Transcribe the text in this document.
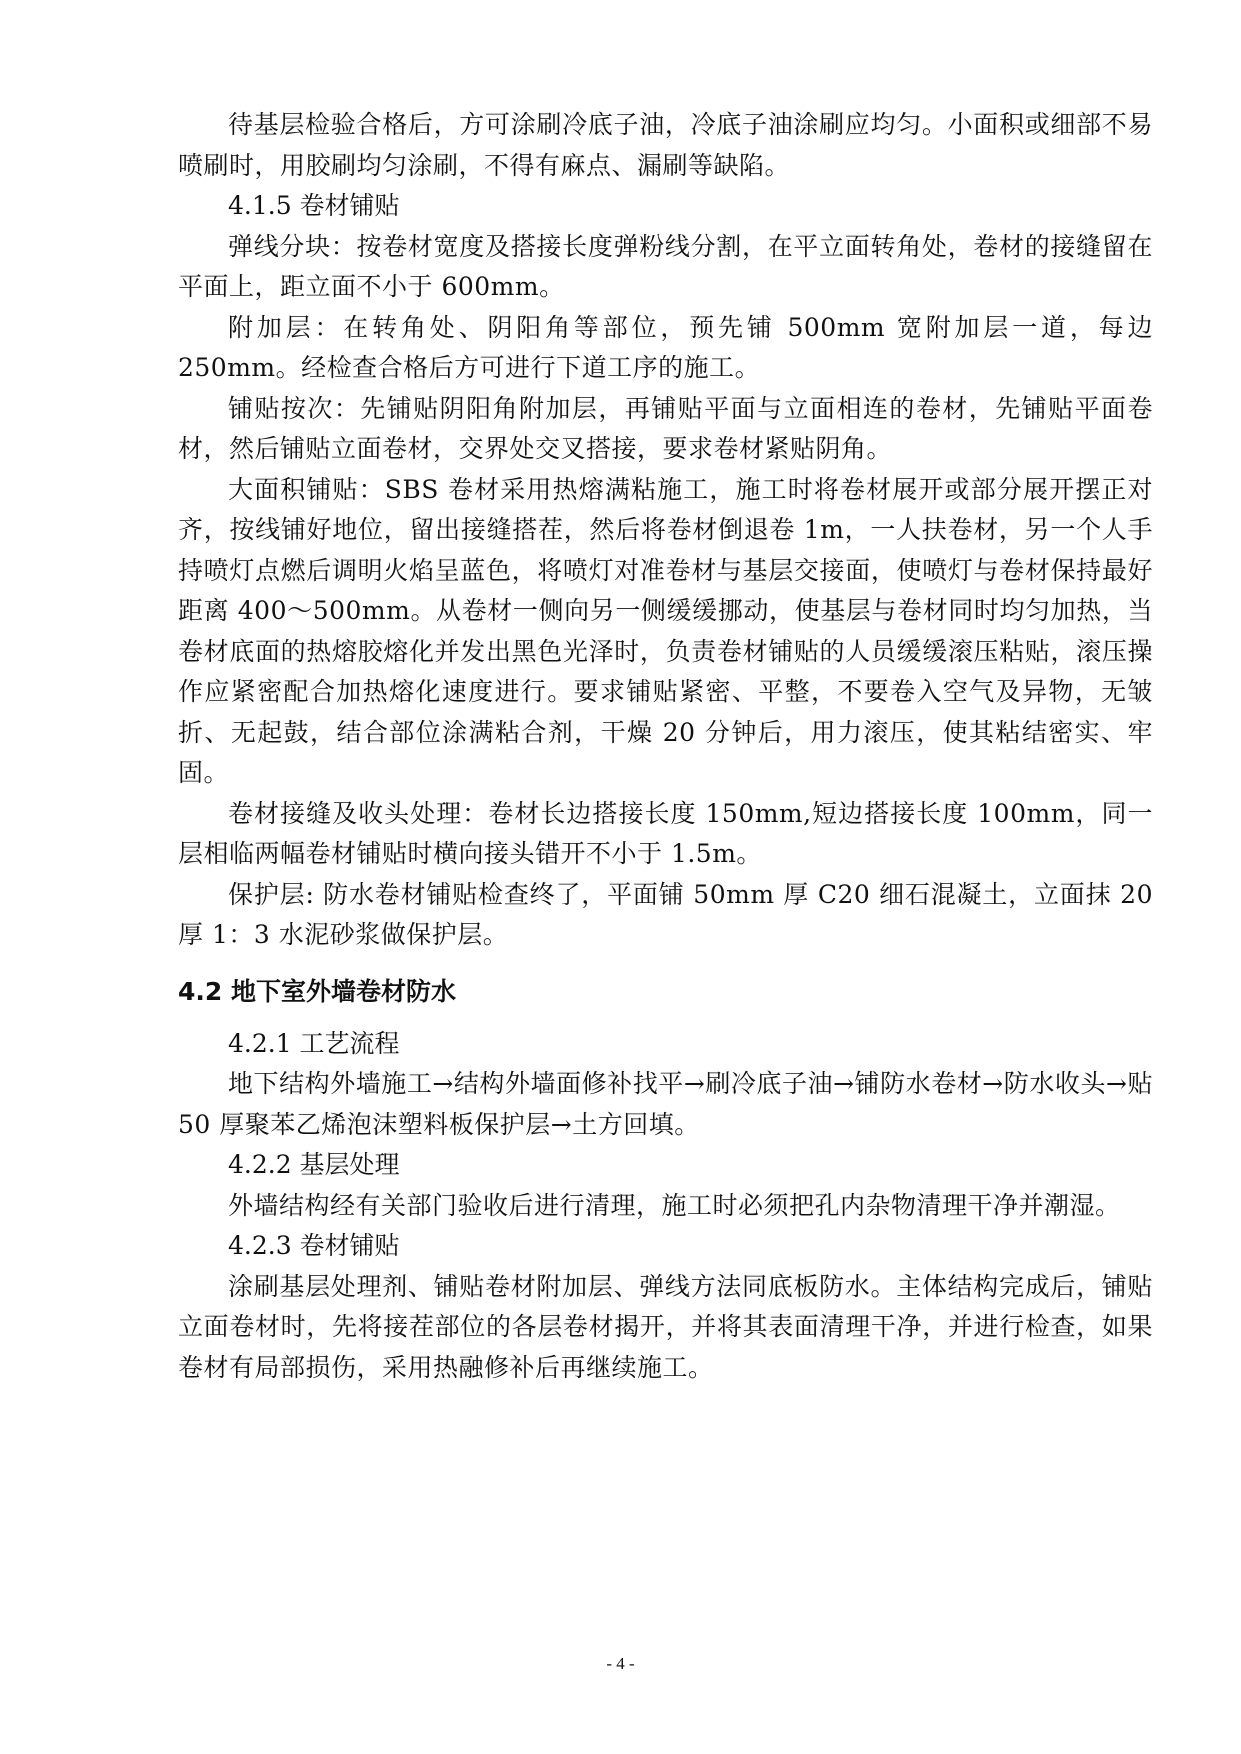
待基层检验合格后，方可涂刷冷底子油，冷底子油涂刷应均匀。小面积或细部不易喷刷时，用胶刷均匀涂刷，不得有麻点、漏刷等缺陷。

4.1.5 卷材铺贴

弹线分块：按卷材宽度及搭接长度弹粉线分割，在平立面转角处，卷材的接缝留在平面上，距立面不小于 600mm。

附加层：在转角处、阴阳角等部位，预先铺 500mm 宽附加层一道，每边 250mm。经检查合格后方可进行下道工序的施工。

铺贴按次：先铺贴阴阳角附加层，再铺贴平面与立面相连的卷材，先铺贴平面卷材，然后铺贴立面卷材，交界处交叉搭接，要求卷材紧贴阴角。

大面积铺贴：SBS 卷材采用热熔满粘施工，施工时将卷材展开或部分展开摆正对齐，按线铺好地位，留出接缝搭茬，然后将卷材倒退卷 1m，一人扶卷材，另一个人手持喷灯点燃后调明火焰呈蓝色，将喷灯对准卷材与基层交接面，使喷灯与卷材保持最好距离 400～500mm。从卷材一侧向另一侧缓缓挪动，使基层与卷材同时均匀加热，当卷材底面的热熔胶熔化并发出黑色光泽时，负责卷材铺贴的人员缓缓滚压粘贴，滚压操作应紧密配合加热熔化速度进行。要求铺贴紧密、平整，不要卷入空气及异物，无皱折、无起鼓，结合部位涂满粘合剂，干燥 20 分钟后，用力滚压，使其粘结密实、牢固。

卷材接缝及收头处理：卷材长边搭接长度 150mm,短边搭接长度 100mm，同一层相临两幅卷材铺贴时横向接头错开不小于 1.5m。

保护层: 防水卷材铺贴检查终了，平面铺 50mm 厚 C20 细石混凝土，立面抹 20 厚 1：3 水泥砂浆做保护层。

4.2 地下室外墙卷材防水

4.2.1 工艺流程

地下结构外墙施工→结构外墙面修补找平→刷冷底子油→铺防水卷材→防水收头→贴 50 厚聚苯乙烯泡沫塑料板保护层→土方回填。

4.2.2 基层处理

外墙结构经有关部门验收后进行清理，施工时必须把孔内杂物清理干净并潮湿。

4.2.3 卷材铺贴

涂刷基层处理剂、铺贴卷材附加层、弹线方法同底板防水。主体结构完成后，铺贴立面卷材时，先将接茬部位的各层卷材揭开，并将其表面清理干净，并进行检查，如果卷材有局部损伤，采用热融修补后再继续施工。

- 4 -
